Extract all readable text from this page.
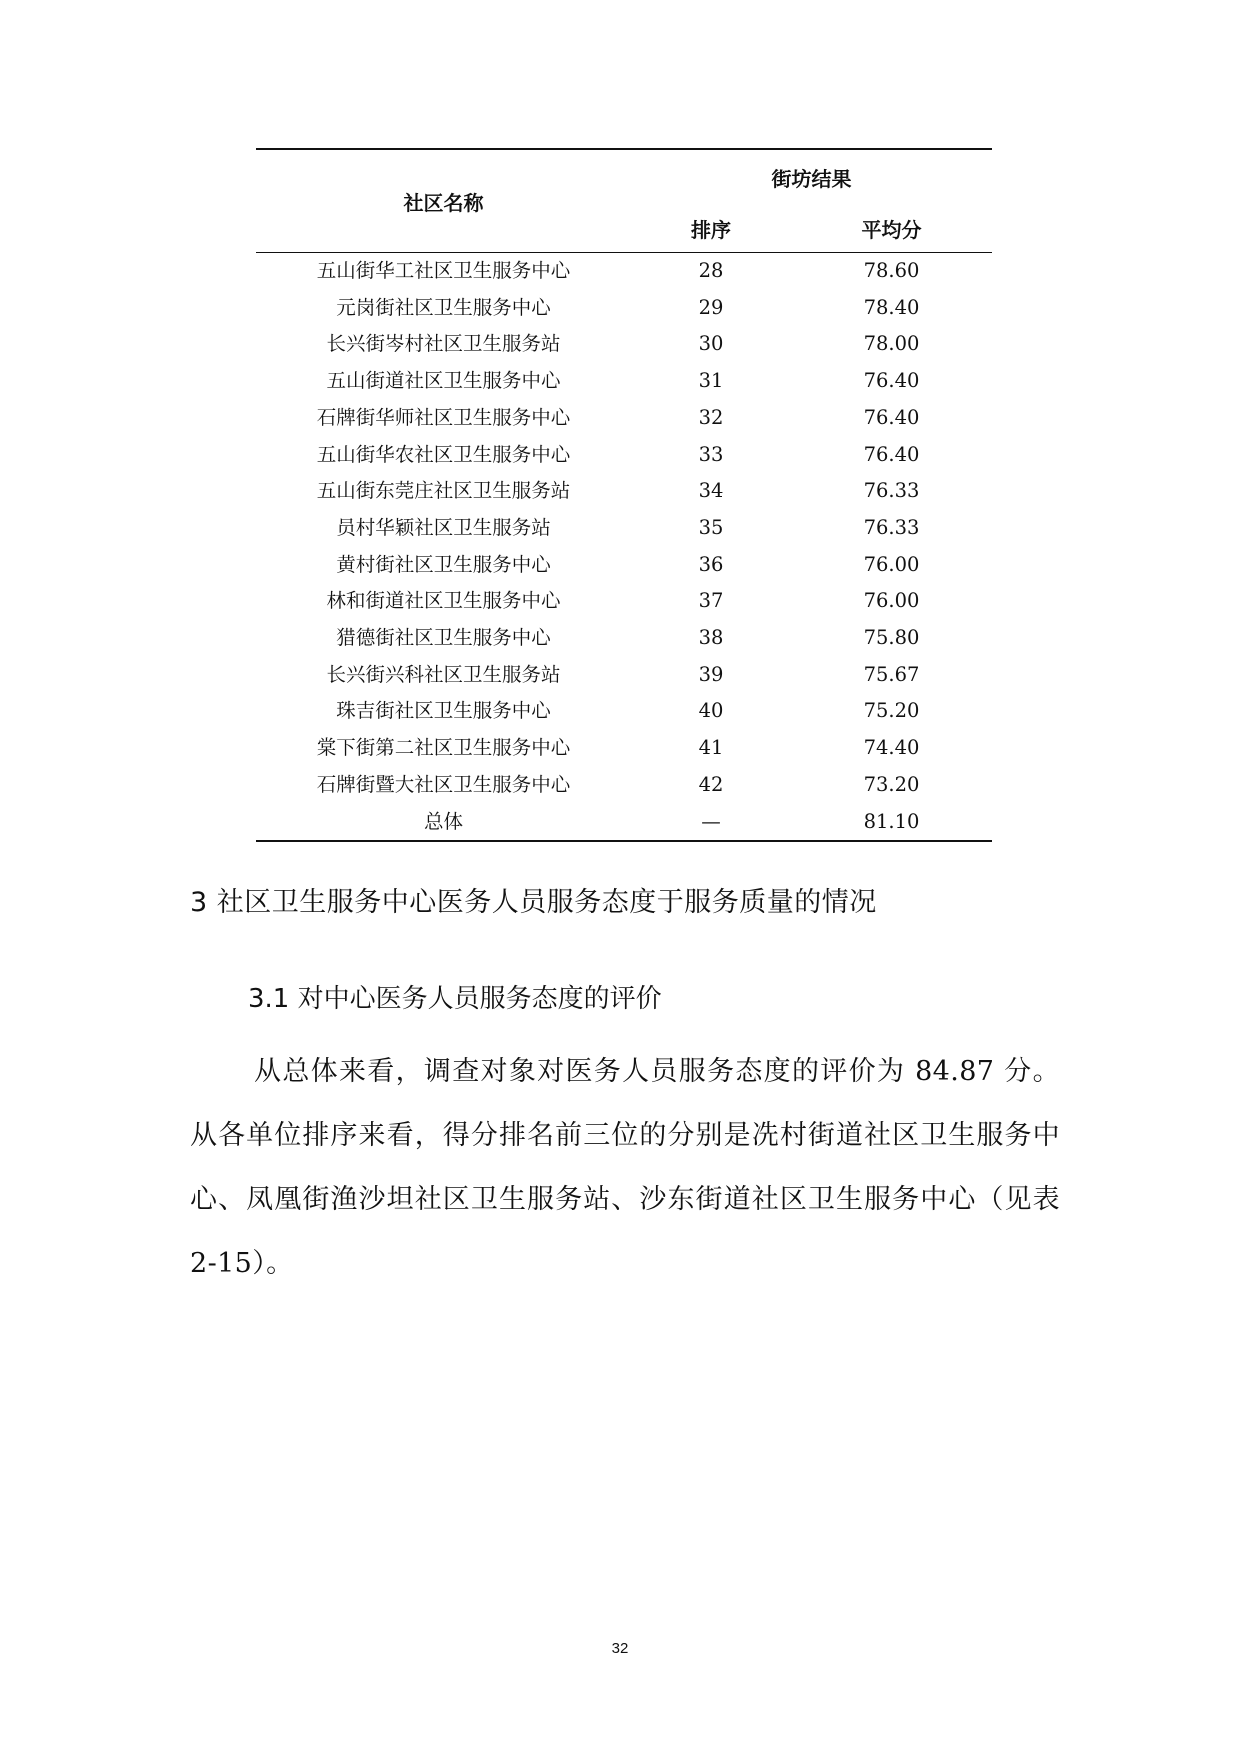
社区名称	街坊结果	
	排序	平均分
五山街华工社区卫生服务中心	28	78.60
元岗街社区卫生服务中心	29	78.40
长兴街岑村社区卫生服务站	30	78.00
五山街道社区卫生服务中心	31	76.40
石牌街华师社区卫生服务中心	32	76.40
五山街华农社区卫生服务中心	33	76.40
五山街东莞庄社区卫生服务站	34	76.33
员村华颖社区卫生服务站	35	76.33
黄村街社区卫生服务中心	36	76.00
林和街道社区卫生服务中心	37	76.00
猎德街社区卫生服务中心	38	75.80
长兴街兴科社区卫生服务站	39	75.67
珠吉街社区卫生服务中心	40	75.20
棠下街第二社区卫生服务中心	41	74.40
石牌街暨大社区卫生服务中心	42	73.20
总体	—	81.10
3 社区卫生服务中心医务人员服务态度于服务质量的情况
3.1 对中心医务人员服务态度的评价

从总体来看，调查对象对医务人员服务态度的评价为 84.87 分。从各单位排序来看，得分排名前三位的分别是冼村街道社区卫生服务中心、凤凰街渔沙坦社区卫生服务站、沙东街道社区卫生服务中心（见表 2-15）。

32
